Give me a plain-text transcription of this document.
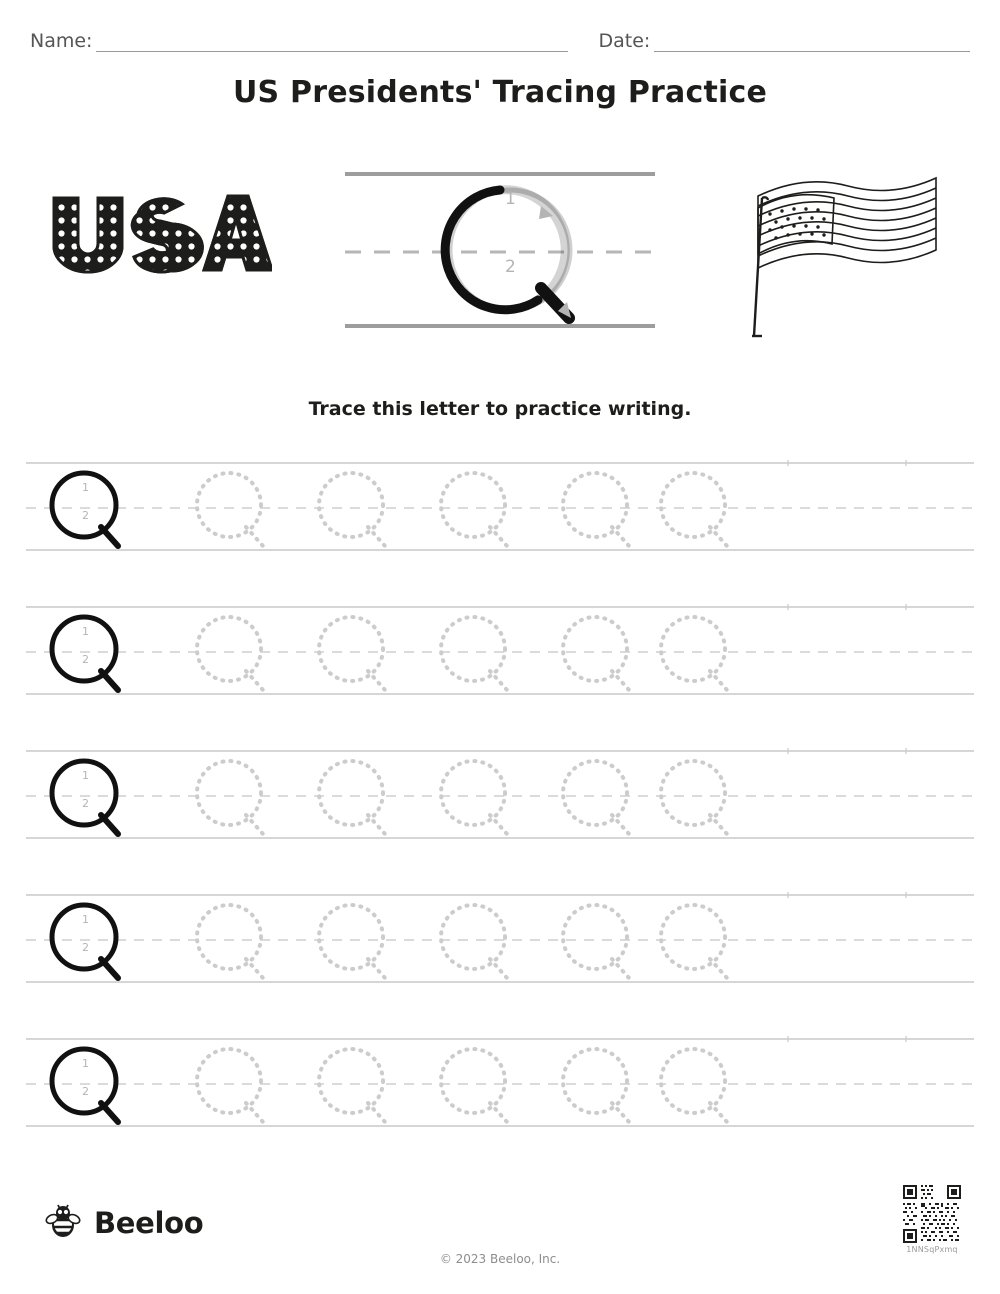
Name:	Date:
US Presidents' Tracing Practice
1
2
Trace this letter to practice writing.
1
2
1
2
1
2
1
2
1
2
Beeloo
© 2023 Beeloo, Inc.
1NNSqPxmq
